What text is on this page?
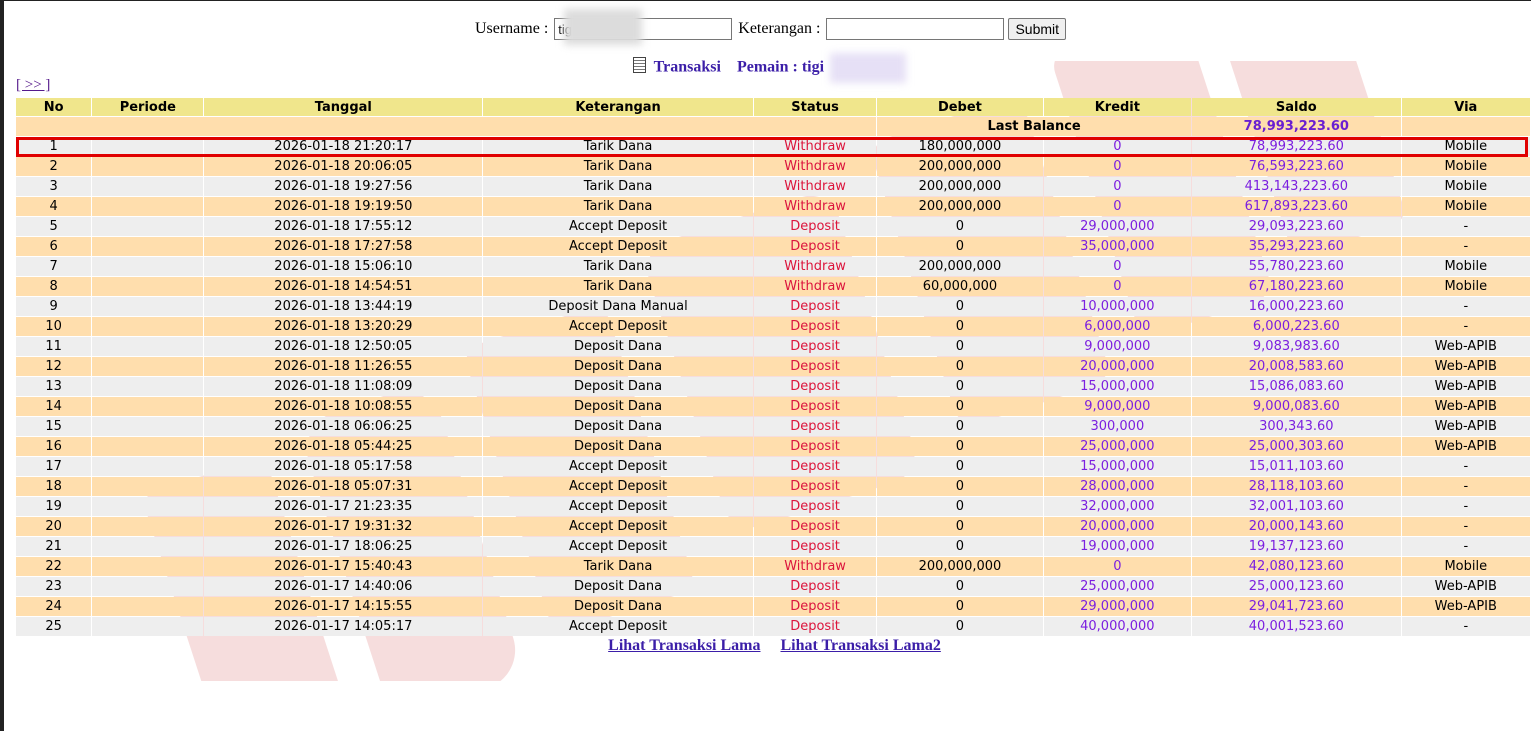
Username : tig	Keterangan :	Submit
Transaksi Pemain : tigi
[ >> ]
No	Periode	Tanggal	Keterangan	Status	Debet	Kredit	Saldo	Via
					Last Balance		78,993,223.60	
1		2026-01-18 21:20:17	Tarik Dana	Withdraw	180,000,000	0	78,993,223.60	Mobile
2		2026-01-18 20:06:05	Tarik Dana	Withdraw	200,000,000	0	76,593,223.60	Mobile
3		2026-01-18 19:27:56	Tarik Dana	Withdraw	200,000,000	0	413,143,223.60	Mobile
4		2026-01-18 19:19:50	Tarik Dana	Withdraw	200,000,000	0	617,893,223.60	Mobile
5		2026-01-18 17:55:12	Accept Deposit	Deposit	0	29,000,000	29,093,223.60	-
6		2026-01-18 17:27:58	Accept Deposit	Deposit	0	35,000,000	35,293,223.60	-
7		2026-01-18 15:06:10	Tarik Dana	Withdraw	200,000,000	0	55,780,223.60	Mobile
8		2026-01-18 14:54:51	Tarik Dana	Withdraw	60,000,000	0	67,180,223.60	Mobile
9		2026-01-18 13:44:19	Deposit Dana Manual	Deposit	0	10,000,000	16,000,223.60	-
10		2026-01-18 13:20:29	Accept Deposit	Deposit	0	6,000,000	6,000,223.60	-
11		2026-01-18 12:50:05	Deposit Dana	Deposit	0	9,000,000	9,083,983.60	Web-APIB
12		2026-01-18 11:26:55	Deposit Dana	Deposit	0	20,000,000	20,008,583.60	Web-APIB
13		2026-01-18 11:08:09	Deposit Dana	Deposit	0	15,000,000	15,086,083.60	Web-APIB
14		2026-01-18 10:08:55	Deposit Dana	Deposit	0	9,000,000	9,000,083.60	Web-APIB
15		2026-01-18 06:06:25	Deposit Dana	Deposit	0	300,000	300,343.60	Web-APIB
16		2026-01-18 05:44:25	Deposit Dana	Deposit	0	25,000,000	25,000,303.60	Web-APIB
17		2026-01-18 05:17:58	Accept Deposit	Deposit	0	15,000,000	15,011,103.60	-
18		2026-01-18 05:07:31	Accept Deposit	Deposit	0	28,000,000	28,118,103.60	-
19		2026-01-17 21:23:35	Accept Deposit	Deposit	0	32,000,000	32,001,103.60	-
20		2026-01-17 19:31:32	Accept Deposit	Deposit	0	20,000,000	20,000,143.60	-
21		2026-01-17 18:06:25	Accept Deposit	Deposit	0	19,000,000	19,137,123.60	-
22		2026-01-17 15:40:43	Tarik Dana	Withdraw	200,000,000	0	42,080,123.60	Mobile
23		2026-01-17 14:40:06	Deposit Dana	Deposit	0	25,000,000	25,000,123.60	Web-APIB
24		2026-01-17 14:15:55	Deposit Dana	Deposit	0	29,000,000	29,041,723.60	Web-APIB
25		2026-01-17 14:05:17	Accept Deposit	Deposit	0	40,000,000	40,001,523.60	-
Lihat Transaksi Lama Lihat Transaksi Lama2
